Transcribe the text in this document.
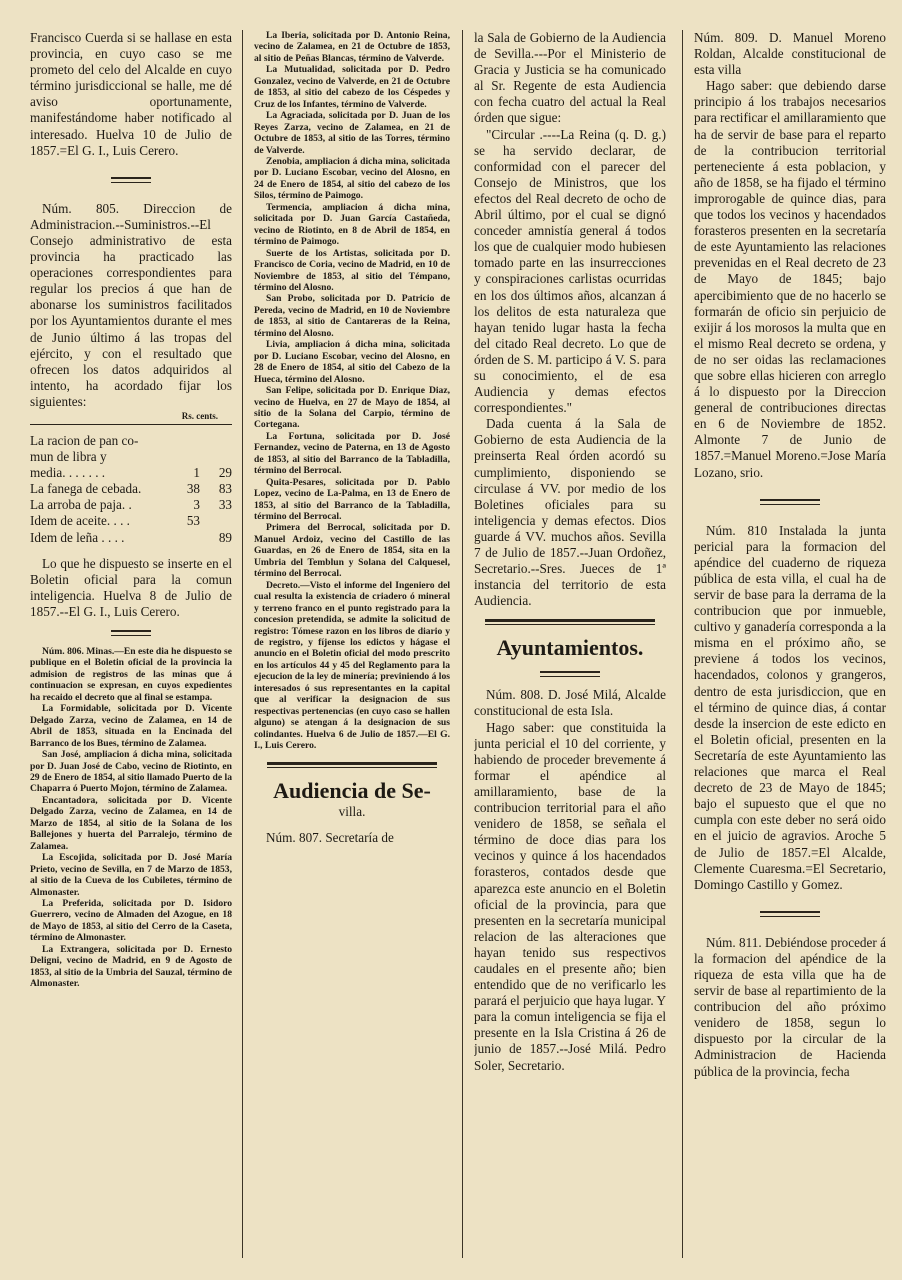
Francisco Cuerda si se hallase en esta provincia, en cuyo caso se me prometo del celo del Alcalde en cuyo término jurisdiccional se halle, me dé aviso oportunamente, manifestándome haber notificado al interesado. Huelva 10 de Julio de 1857.=El G. I., Luis Cerero.

Núm. 805. Direccion de Administracion.--Suministros.--El Consejo administrativo de esta provincia ha practicado las operaciones correspondientes para regular los precios á que han de abonarse los suministros facilitados por los Ayuntamientos durante el mes de Junio último á las tropas del ejército, y con el resultado que ofrecen los datos adquiridos al intento, ha acordado fijar los siguientes:

Rs. cents.
La racion de pan co-		
mun de libra y		
media. . . . . . .	1	29
La fanega de cebada.	38	83
La arroba de paja. .	3	33
Idem de aceite. . . .	53	
Idem de leña . . . .		89

Lo que he dispuesto se inserte en el Boletin oficial para la comun inteligencia. Huelva 8 de Julio de 1857.--El G. I., Luis Cerero.

Núm. 806. Minas.—En este dia he dispuesto se publique en el Boletin oficial de la provincia la admision de registros de las minas que á continuacion se expresan, en cuyos expedientes ha recaido el decreto que al final se estampa.

La Formidable, solicitada por D. Vicente Delgado Zarza, vecino de Zalamea, en 14 de Abril de 1853, situada en la Encinada del Barranco de los Bues, término de Zalamea.

San José, ampliacion á dicha mina, solicitada por D. Juan José de Cabo, vecino de Riotinto, en 29 de Enero de 1854, al sitio llamado Puerto de la Chaparra ó Puerto Mojon, término de Zalamea.

Encantadora, solicitada por D. Vicente Delgado Zarza, vecino de Zalamea, en 14 de Marzo de 1854, al sitio de la Solana de los Ballejones y huerta del Parralejo, término de Zalamea.

La Escojida, solicitada por D. José María Prieto, vecino de Sevilla, en 7 de Marzo de 1853, al sitio de la Cueva de los Cubiletes, término de Almonaster.

La Preferida, solicitada por D. Isidoro Guerrero, vecino de Almaden del Azogue, en 18 de Mayo de 1853, al sitio del Cerro de la Caseta, término de Almonaster.

La Extrangera, solicitada por D. Ernesto Deligni, vecino de Madrid, en 9 de Agosto de 1853, al sitio de la Umbria del Sauzal, término de Almonaster.

La Iberia, solicitada por D. Antonio Reina, vecino de Zalamea, en 21 de Octubre de 1853, al sitio de Peñas Blancas, término de Valverde.

La Mutualidad, solicitada por D. Pedro Gonzalez, vecino de Valverde, en 21 de Octubre de 1853, al sitio del cabezo de los Céspedes y Cruz de los Infantes, término de Valverde.

La Agraciada, solicitada por D. Juan de los Reyes Zarza, vecino de Zalamea, en 21 de Octubre de 1853, al sitio de las Torres, término de Valverde.

Zenobia, ampliacion á dicha mina, solicitada por D. Luciano Escobar, vecino del Alosno, en 24 de Enero de 1854, al sitio del cabezo de los Silos, término de Paimogo.

Termencia, ampliacion á dicha mina, solicitada por D. Juan García Castañeda, vecino de Riotinto, en 8 de Abril de 1854, en término de Paimogo.

Suerte de los Artistas, solicitada por D. Francisco de Coria, vecino de Madrid, en 10 de Noviembre de 1853, al sitio del Témpano, término del Alosno.

San Probo, solicitada por D. Patricio de Pereda, vecino de Madrid, en 10 de Noviembre de 1853, al sitio de Cantareras de la Reina, término del Alosno.

Livia, ampliacion á dicha mina, solicitada por D. Luciano Escobar, vecino del Alosno, en 28 de Enero de 1854, al sitio del Cabezo de la Hueca, término del Alosno.

San Felipe, solicitada por D. Enrique Diaz, vecino de Huelva, en 27 de Mayo de 1854, al sitio de la Solana del Carpio, término de Cortegana.

La Fortuna, solicitada por D. José Fernandez, vecino de Paterna, en 13 de Agosto de 1853, al sitio del Barranco de la Tabladilla, término del Berrocal.

Quita-Pesares, solicitada por D. Pablo Lopez, vecino de La-Palma, en 13 de Enero de 1853, al sitio del Barranco de la Tabladilla, término del Berrocal.

Primera del Berrocal, solicitada por D. Manuel Ardoiz, vecino del Castillo de las Guardas, en 26 de Enero de 1854, sita en la Umbria del Temblun y Solana del Calquesel, término del Berrocal.

Decreto.—Visto el informe del Ingeniero del cual resulta la existencia de criadero ó mineral y terreno franco en el punto registrado para la concesion pretendida, se admite la solicitud de registro: Tómese razon en los libros de diario y de registro, y fíjense los edictos y hágase el anuncio en el Boletin oficial del modo prescrito en los artículos 44 y 45 del Reglamento para la ejecucion de la ley de minería; previniendo á los interesados ó sus representantes en la capital que al verificar la designacion de sus respectivas pertenencias (en cuyo caso se hallen alguno) se atengan á la designacion de sus colindantes. Huelva 6 de Julio de 1857.—El G. I., Luis Cerero.

Audiencia de Se-
villa.

Núm. 807. Secretaría de

la Sala de Gobierno de la Audiencia de Sevilla.---Por el Ministerio de Gracia y Justicia se ha comunicado al Sr. Regente de esta Audiencia con fecha cuatro del actual la Real órden que sigue:

"Circular .----La Reina (q. D. g.) se ha servido declarar, de conformidad con el parecer del Consejo de Ministros, que los efectos del Real decreto de ocho de Abril último, por el cual se dignó conceder amnistía general á todos los que de cualquier modo hubiesen tomado parte en las insurrecciones y conspiraciones carlistas ocurridas en los dos últimos años, alcanzan á los delitos de esta naturaleza que hayan tenido lugar hasta la fecha del citado Real decreto. Lo que de órden de S. M. participo á V. S. para su conocimiento, el de esa Audiencia y demas efectos correspondientes."

Dada cuenta á la Sala de Gobierno de esta Audiencia de la preinserta Real órden acordó su cumplimiento, disponiendo se circulase á VV. por medio de los Boletines oficiales para su inteligencia y demas efectos. Dios guarde á VV. muchos años. Sevilla 7 de Julio de 1857.--Juan Ordoñez, Secretario.--Sres. Jueces de 1ª instancia del territorio de esta Audiencia.

Ayuntamientos.

Núm. 808. D. José Milá, Alcalde constitucional de esta Isla.

Hago saber: que constituida la junta pericial el 10 del corriente, y habiendo de proceder brevemente á formar el apéndice al amillaramiento, base de la contribucion territorial para el año venidero de 1858, se señala el término de doce dias para los vecinos y quince á los hacendados forasteros, contados desde que aparezca este anuncio en el Boletin oficial de la provincia, para que presenten en la secretaría municipal relacion de las alteraciones que hayan tenido sus respectivos caudales en el presente año; bien entendido que de no verificarlo les parará el perjuicio que haya lugar. Y para la comun inteligencia se fija el presente en la Isla Cristina á 26 de junio de 1857.--José Milá. Pedro Soler, Secretario.

Núm. 809. D. Manuel Moreno Roldan, Alcalde constitucional de esta villa

Hago saber: que debiendo darse principio á los trabajos necesarios para rectificar el amillaramiento que ha de servir de base para el reparto de la contribucion territorial perteneciente á esta poblacion, y año de 1858, se ha fijado el término improrogable de quince dias, para que todos los vecinos y hacendados forasteros presenten en la secretaría de este Ayuntamiento las relaciones prevenidas en el Real decreto de 23 de Mayo de 1845; bajo apercibimiento que de no hacerlo se formarán de oficio sin perjuicio de exijir á los morosos la multa que en el mismo Real decreto se ordena, y de no ser oidas las reclamaciones que sobre ellas hicieren con arreglo á lo dispuesto por la Direccion general de contribuciones directas en 6 de Noviembre de 1852. Almonte 7 de Junio de 1857.=Manuel Moreno.=Jose María Lozano, srio.

Núm. 810 Instalada la junta pericial para la formacion del apéndice del cuaderno de riqueza pública de esta villa, el cual ha de servir de base para la derrama de la contribucion que por inmueble, cultivo y ganadería corresponda a la misma en el próximo año, se previene á todos los vecinos, hacendados, colonos y grangeros, dentro de esta jurisdiccion, que en el término de quince dias, á contar desde la insercion de este edicto en el Boletin oficial, presenten en la Secretaría de este Ayuntamiento las relaciones que marca el Real decreto de 23 de Mayo de 1845; bajo el supuesto que el que no cumpla con este deber no será oido en el juicio de agravios. Aroche 5 de Julio de 1857.=El Alcalde, Clemente Cuaresma.=El Secretario, Domingo Castillo y Gomez.

Núm. 811. Debiéndose proceder á la formacion del apéndice de la riqueza de esta villa que ha de servir de base al repartimiento de la contribucion del año próximo venidero de 1858, segun lo dispuesto por la circular de la Administracion de Hacienda pública de la provincia, fecha
